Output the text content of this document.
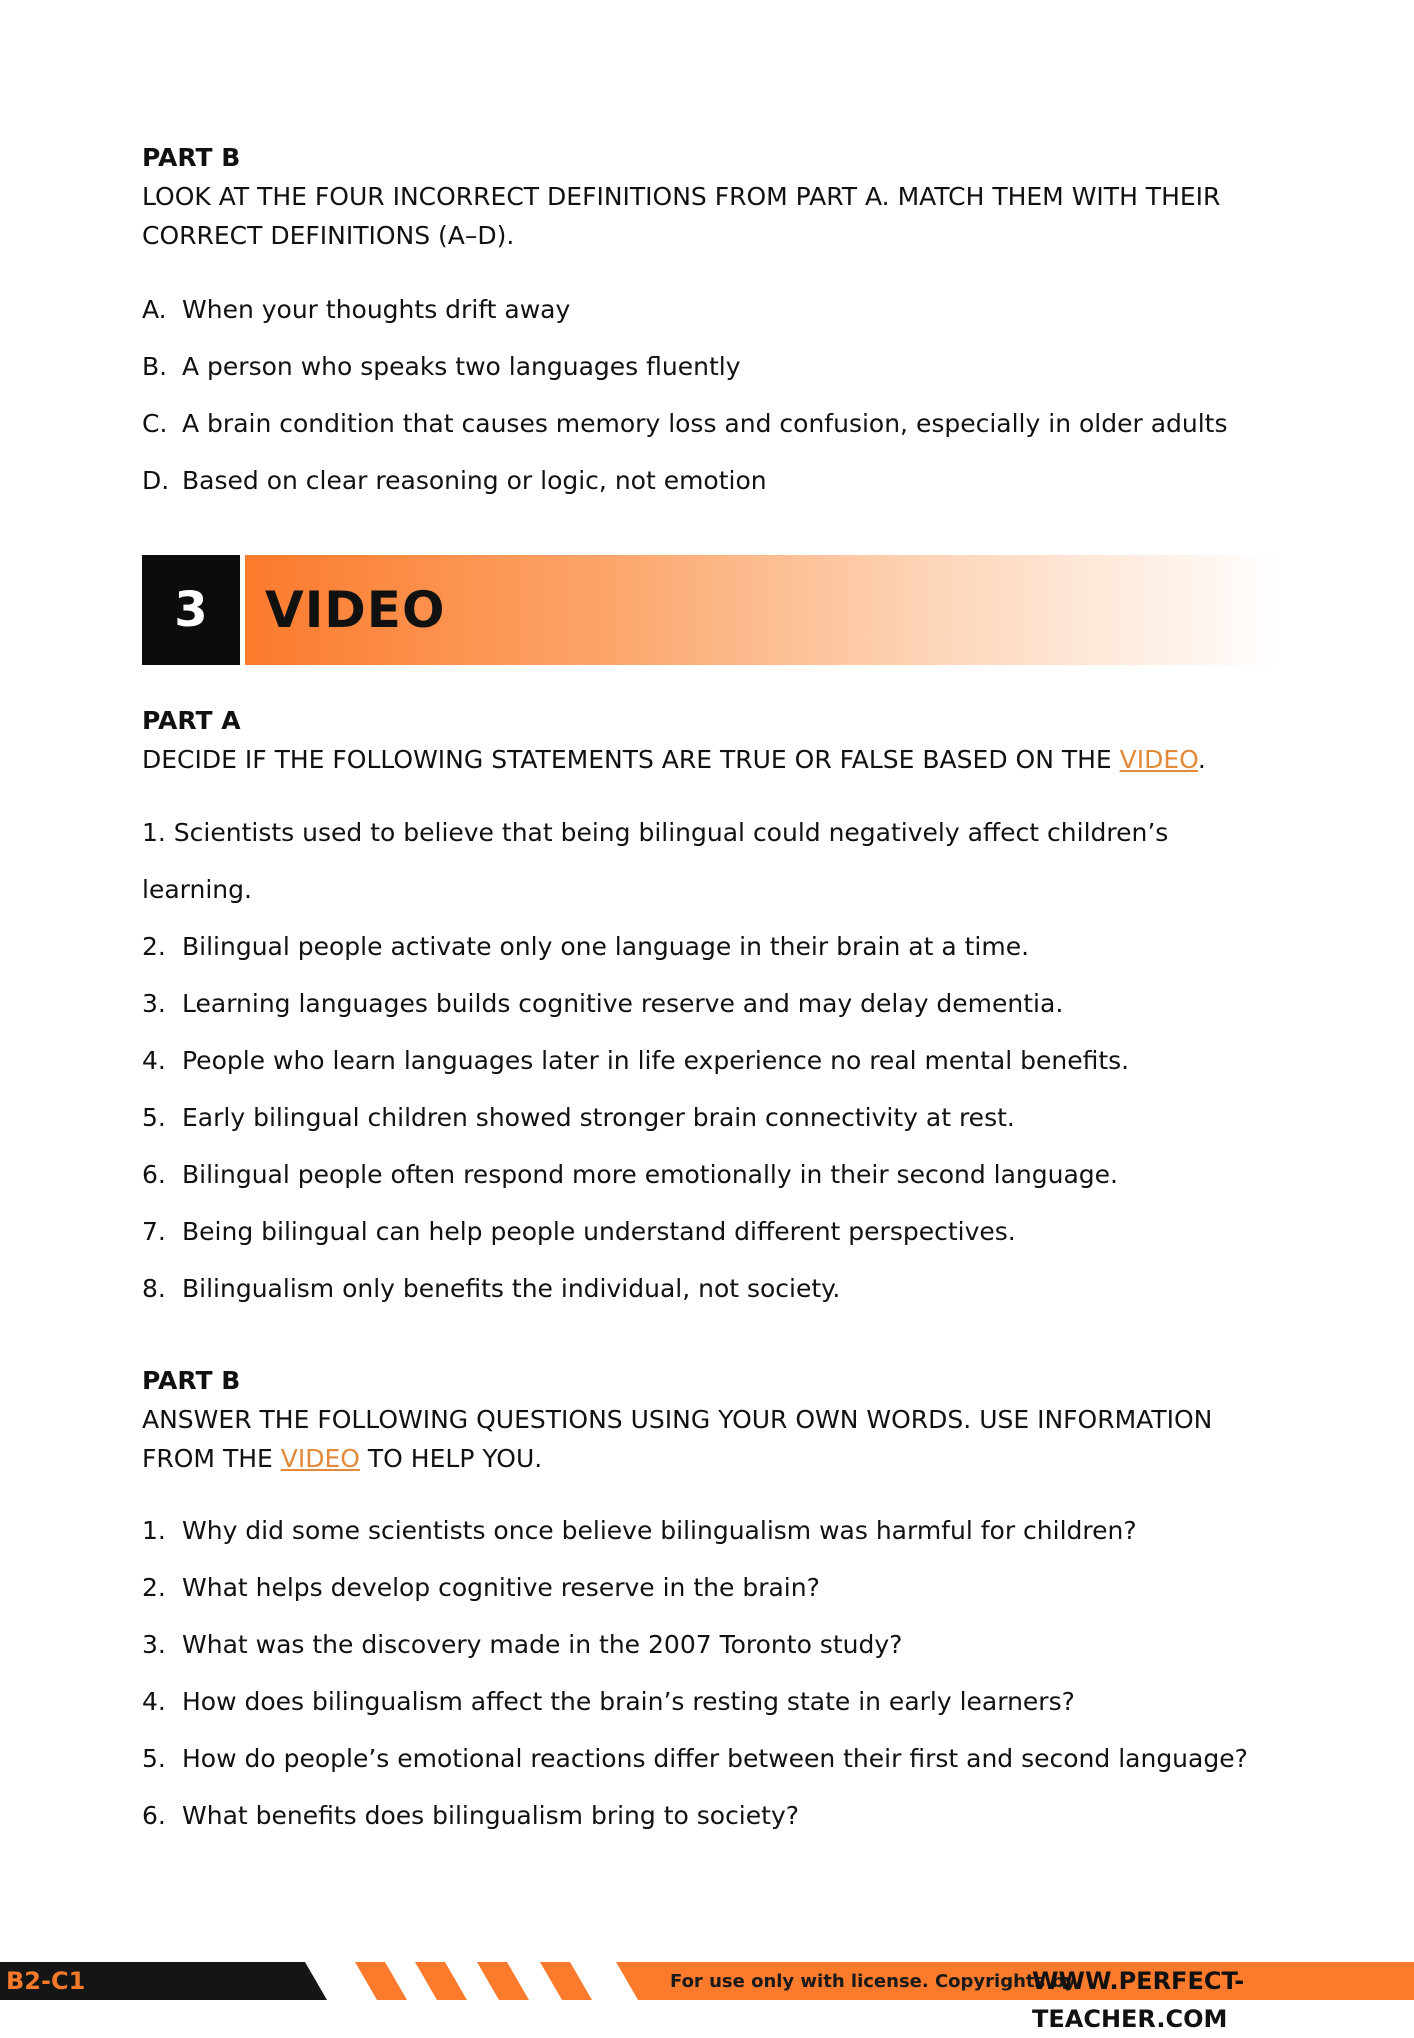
PART B
LOOK AT THE FOUR INCORRECT DEFINITIONS FROM PART A. MATCH THEM WITH THEIR CORRECT DEFINITIONS (A–D).
A. When your thoughts drift away
B. A person who speaks two languages fluently
C. A brain condition that causes memory loss and confusion, especially in older adults
D. Based on clear reasoning or logic, not emotion
PART A
DECIDE IF THE FOLLOWING STATEMENTS ARE TRUE OR FALSE BASED ON THE VIDEO.
1. Scientists used to believe that being bilingual could negatively affect children’s
learning.
2. Bilingual people activate only one language in their brain at a time.
3. Learning languages builds cognitive reserve and may delay dementia.
4. People who learn languages later in life experience no real mental benefits.
5. Early bilingual children showed stronger brain connectivity at rest.
6. Bilingual people often respond more emotionally in their second language.
7. Being bilingual can help people understand different perspectives.
8. Bilingualism only benefits the individual, not society.
PART B
ANSWER THE FOLLOWING QUESTIONS USING YOUR OWN WORDS. USE INFORMATION
FROM THE VIDEO TO HELP YOU.
1. Why did some scientists once believe bilingualism was harmful for children?
2. What helps develop cognitive reserve in the brain?
3. What was the discovery made in the 2007 Toronto study?
4. How does bilingualism affect the brain’s resting state in early learners?
5. How do people’s emotional reactions differ between their first and second language?
6. What benefits does bilingualism bring to society?
3	VIDEO
B2-C1	For use only with license. Copyrights by
WWW.PERFECT-TEACHER.COM
